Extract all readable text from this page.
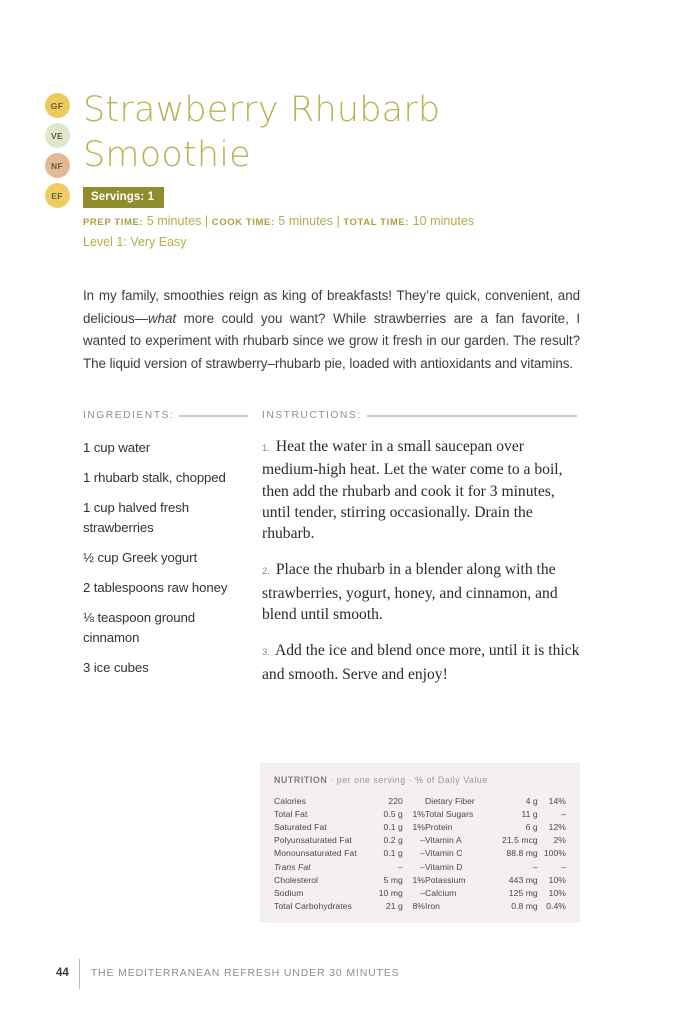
GF
VE
NF
EF
Strawberry Rhubarb Smoothie
Servings: 1
PREP TIME: 5 minutes | COOK TIME: 5 minutes | TOTAL TIME: 10 minutes
Level 1: Very Easy

In my family, smoothies reign as king of breakfasts! They’re quick, convenient, and delicious—what more could you want? While strawberries are a fan favorite, I wanted to experiment with rhubarb since we grow it fresh in our garden. The result? The liquid version of strawberry–rhubarb pie, loaded with antioxidants and vitamins.

INGREDIENTS:	INSTRUCTIONS:
1 cup water
1 rhubarb stalk, chopped
1 cup halved fresh strawberries
½ cup Greek yogurt
2 tablespoons raw honey
⅛ teaspoon ground cinnamon
3 ice cubes
1. Heat the water in a small saucepan over medium-high heat. Let the water come to a boil, then add the rhubarb and cook it for 3 minutes, until tender, stirring occasionally. Drain the rhubarb.
2. Place the rhubarb in a blender along with the strawberries, yogurt, honey, and cinnamon, and blend until smooth.
3. Add the ice and blend once more, until it is thick and smooth. Serve and enjoy!
NUTRITION · per one serving · % of Daily Value
Calories	220		Dietary Fiber	4 g	14%
Total Fat	0.5 g	1%	Total Sugars	11 g	–
Saturated Fat	0.1 g	1%	Protein	6 g	12%
Polyunsaturated Fat	0.2 g	–	Vitamin A	21.5 mcg	2%
Monounsaturated Fat	0.1 g	–	Vitamin C	88.8 mg	100%
Trans Fat	–	–	Vitamin D	–	–
Cholesterol	5 mg	1%	Potassium	443 mg	10%
Sodium	10 mg	–	Calcium	125 mg	10%
Total Carbohydrates	21 g	8%	Iron	0.8 mg	0.4%
44	THE MEDITERRANEAN REFRESH UNDER 30 MINUTES
